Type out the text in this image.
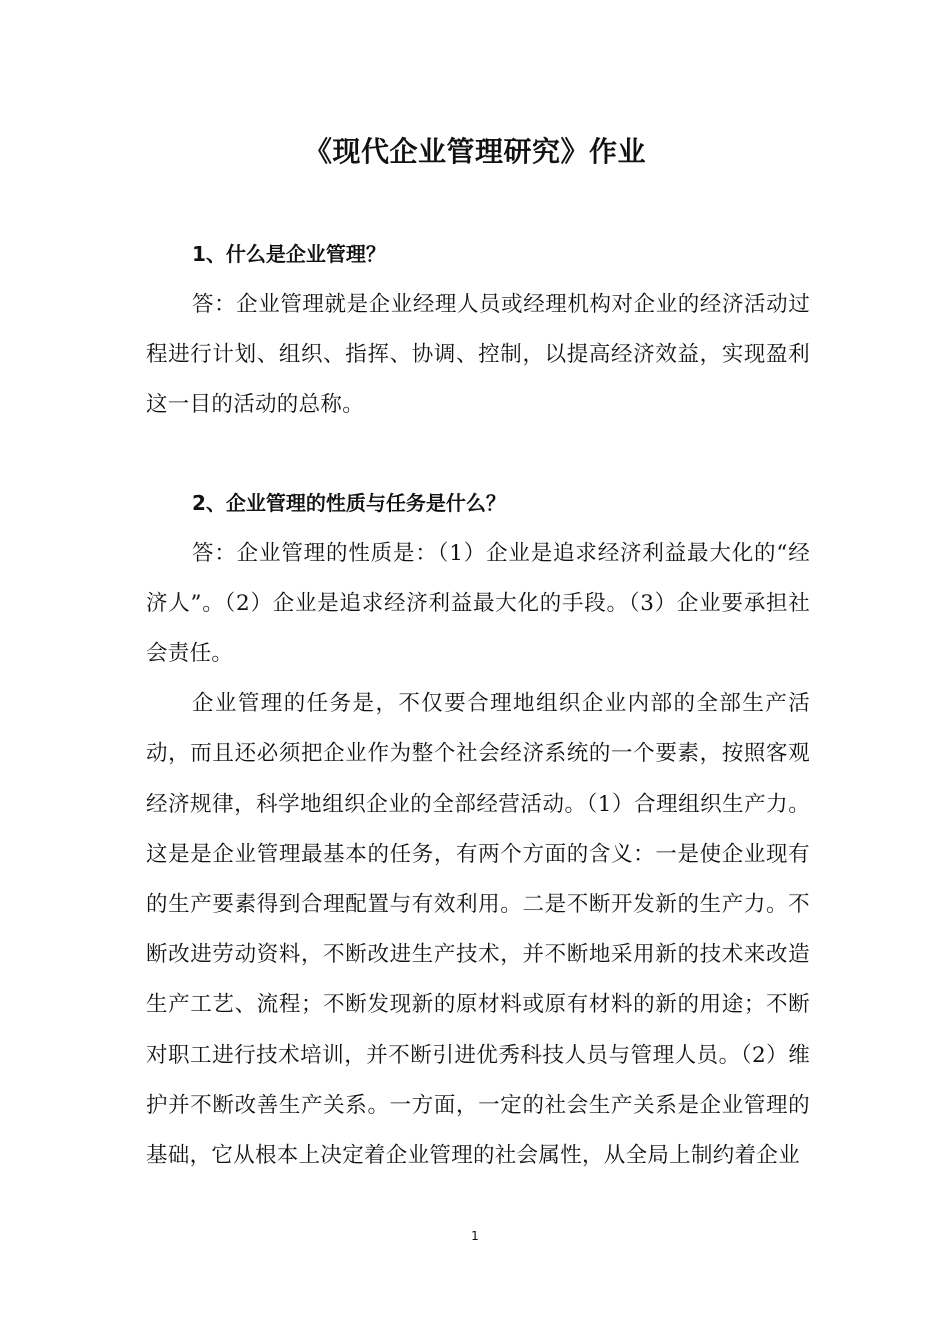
《现代企业管理研究》作业

1、什么是企业管理？

答：企业管理就是企业经理人员或经理机构对企业的经济活动过程进行计划、组织、指挥、协调、控制，以提高经济效益，实现盈利这一目的活动的总称。

2、企业管理的性质与任务是什么？

答：企业管理的性质是：（1）企业是追求经济利益最大化的“经济人”。（2）企业是追求经济利益最大化的手段。（3）企业要承担社会责任。

企业管理的任务是，不仅要合理地组织企业内部的全部生产活动，而且还必须把企业作为整个社会经济系统的一个要素，按照客观经济规律，科学地组织企业的全部经营活动。（1）合理组织生产力。这是是企业管理最基本的任务，有两个方面的含义：一是使企业现有的生产要素得到合理配置与有效利用。二是不断开发新的生产力。不断改进劳动资料，不断改进生产技术，并不断地采用新的技术来改造生产工艺、流程；不断发现新的原材料或原有材料的新的用途；不断对职工进行技术培训，并不断引进优秀科技人员与管理人员。（2）维护并不断改善生产关系。一方面，一定的社会生产关系是企业管理的基础，它从根本上决定着企业管理的社会属性，从全局上制约着企业

1
